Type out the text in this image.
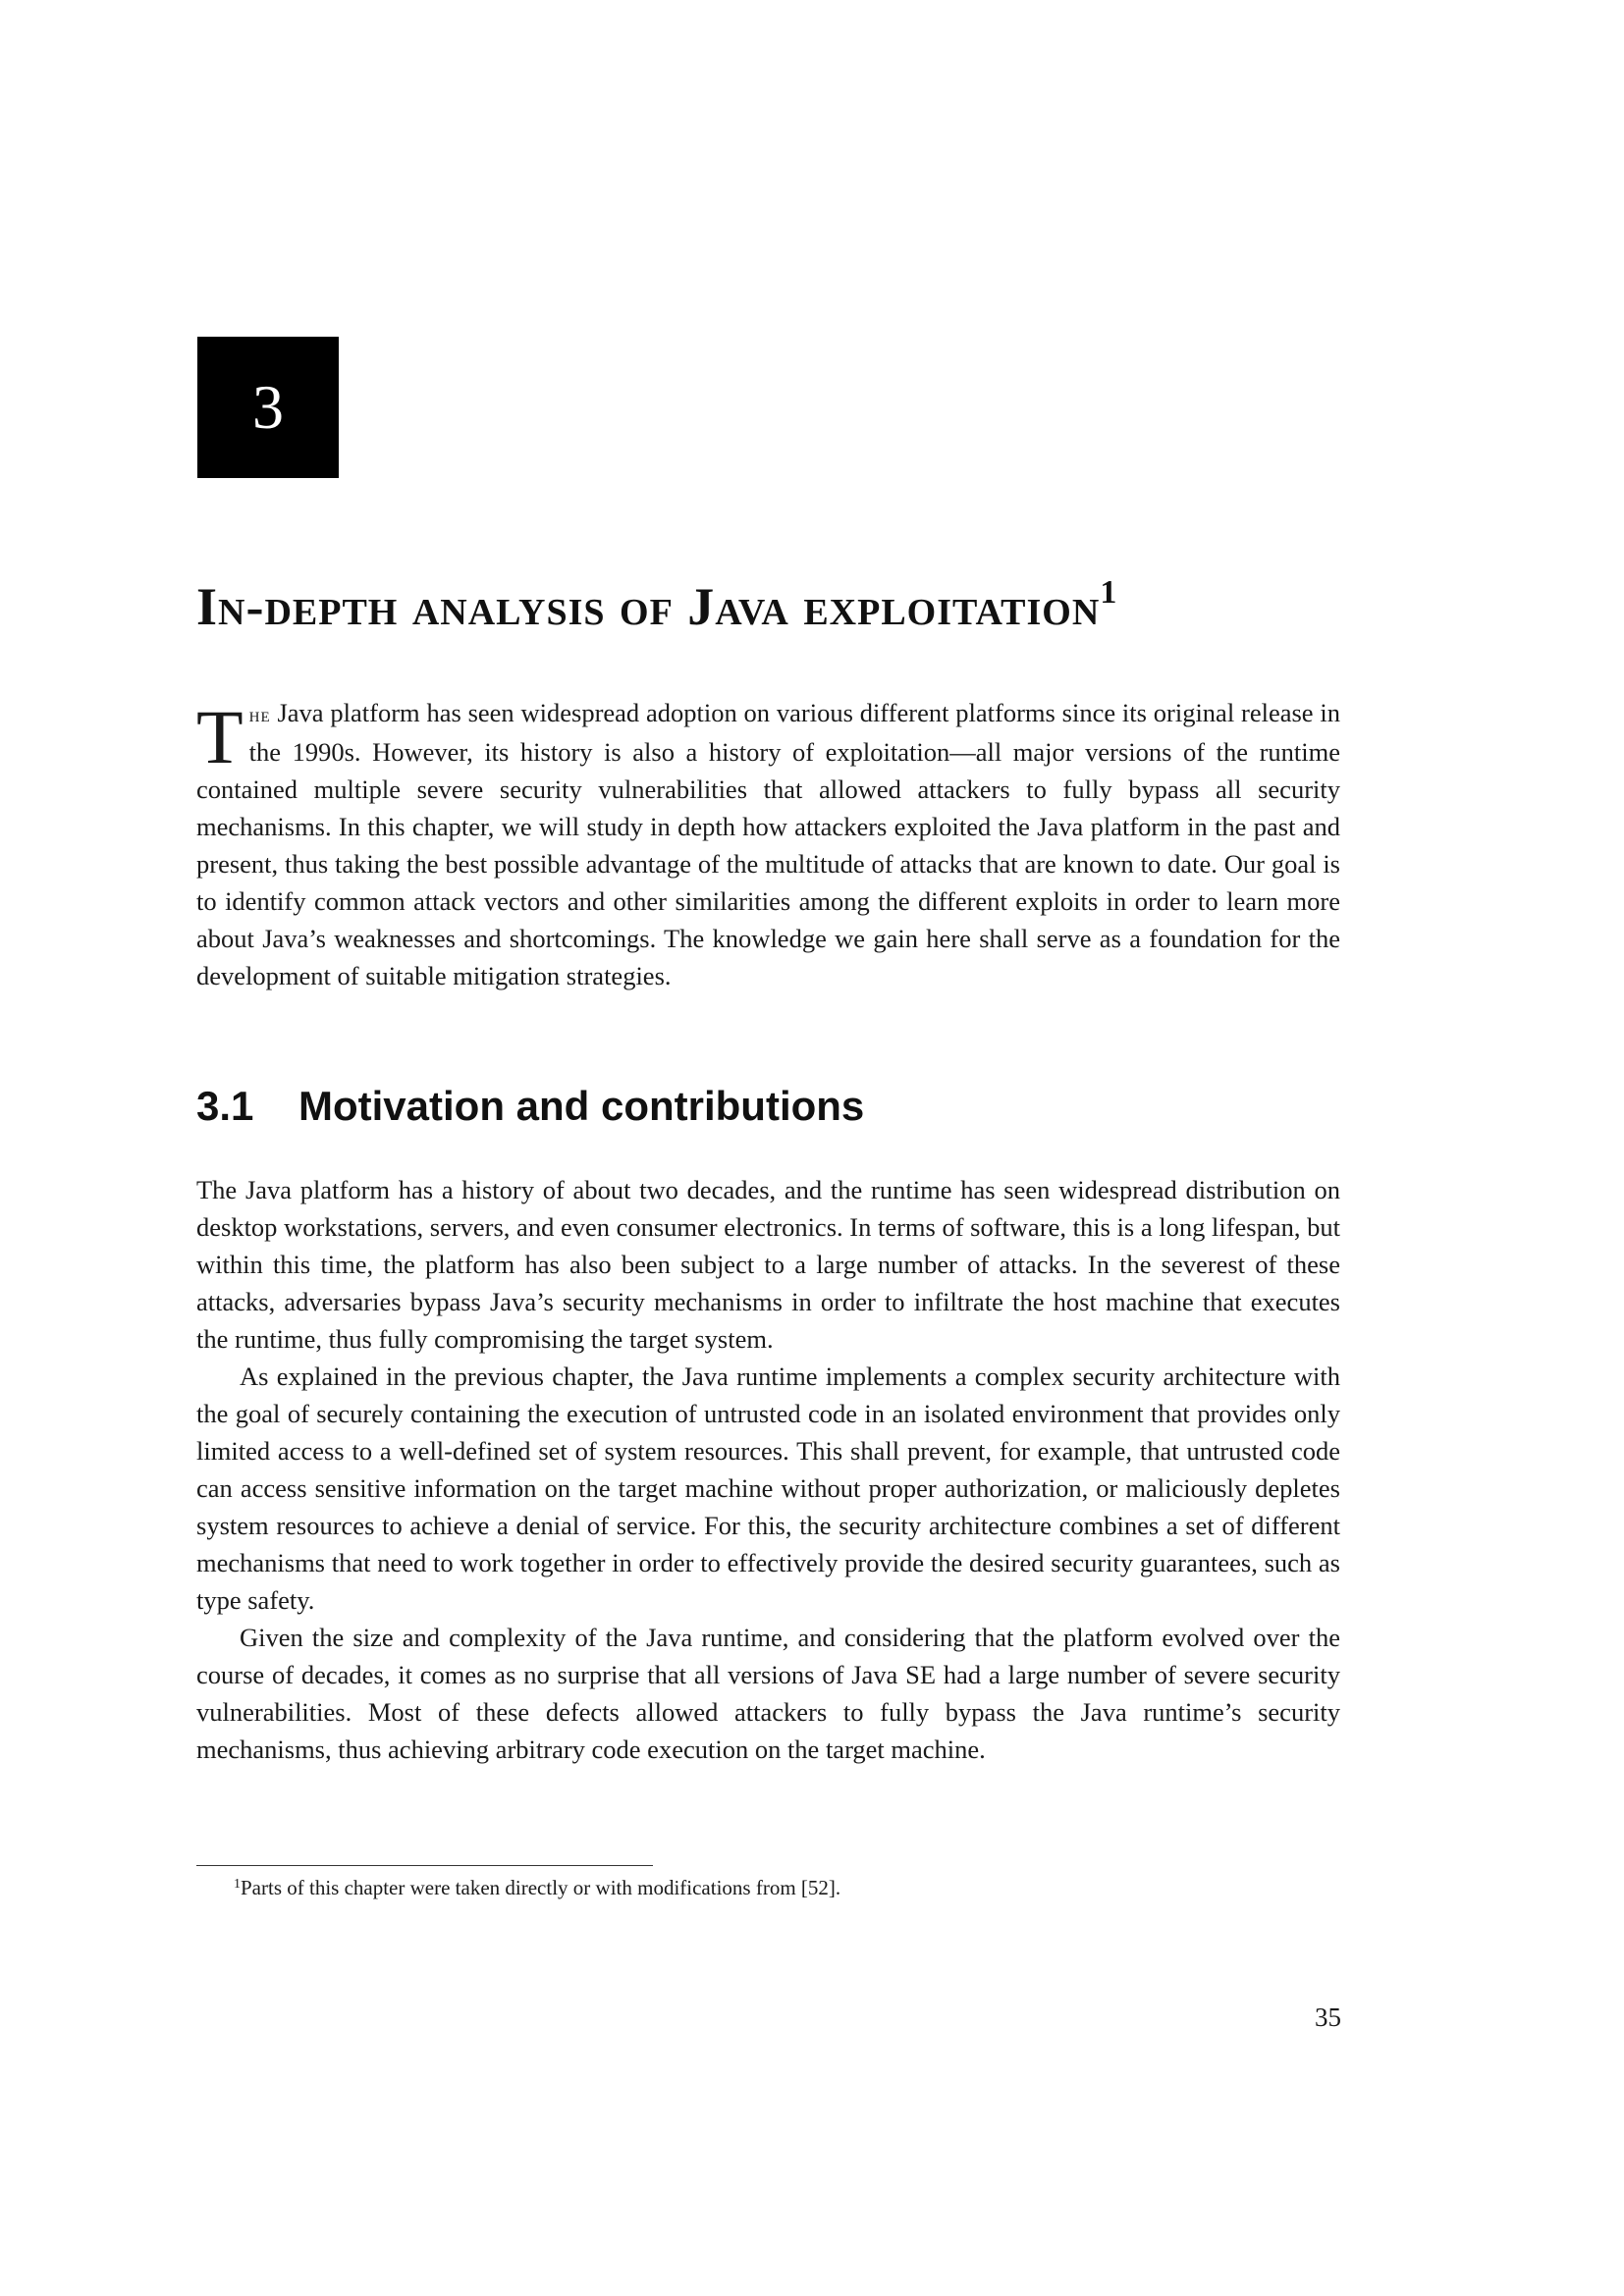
3
In-depth analysis of Java exploitation$^1$

The Java platform has seen widespread adoption on various different platforms since its original release in the 1990s. However, its history is also a history of exploitation—all major versions of the runtime contained multiple severe security vulnerabilities that allowed attackers to fully bypass all security mechanisms. In this chapter, we will study in depth how attackers exploited the Java platform in the past and present, thus taking the best possible advantage of the multitude of attacks that are known to date. Our goal is to identify common attack vectors and other similarities among the different exploits in order to learn more about Java’s weaknesses and shortcomings. The knowledge we gain here shall serve as a foundation for the development of suitable mitigation strategies.

3.1 Motivation and contributions

The Java platform has a history of about two decades, and the runtime has seen widespread distribution on desktop workstations, servers, and even consumer electronics. In terms of software, this is a long lifespan, but within this time, the platform has also been subject to a large number of attacks. In the severest of these attacks, adversaries bypass Java’s security mechanisms in order to infiltrate the host machine that executes the runtime, thus fully compromising the target system.

As explained in the previous chapter, the Java runtime implements a complex security architecture with the goal of securely containing the execution of untrusted code in an isolated environment that provides only limited access to a well-defined set of system resources. This shall prevent, for example, that untrusted code can access sensitive information on the target machine without proper authorization, or maliciously depletes system resources to achieve a denial of service. For this, the security architecture combines a set of different mechanisms that need to work together in order to effectively provide the desired security guarantees, such as type safety.

Given the size and complexity of the Java runtime, and considering that the platform evolved over the course of decades, it comes as no surprise that all versions of Java SE had a large number of severe security vulnerabilities. Most of these defects allowed attackers to fully bypass the Java runtime’s security mechanisms, thus achieving arbitrary code execution on the target machine.

$^1$Parts of this chapter were taken directly or with modifications from [52].
35
